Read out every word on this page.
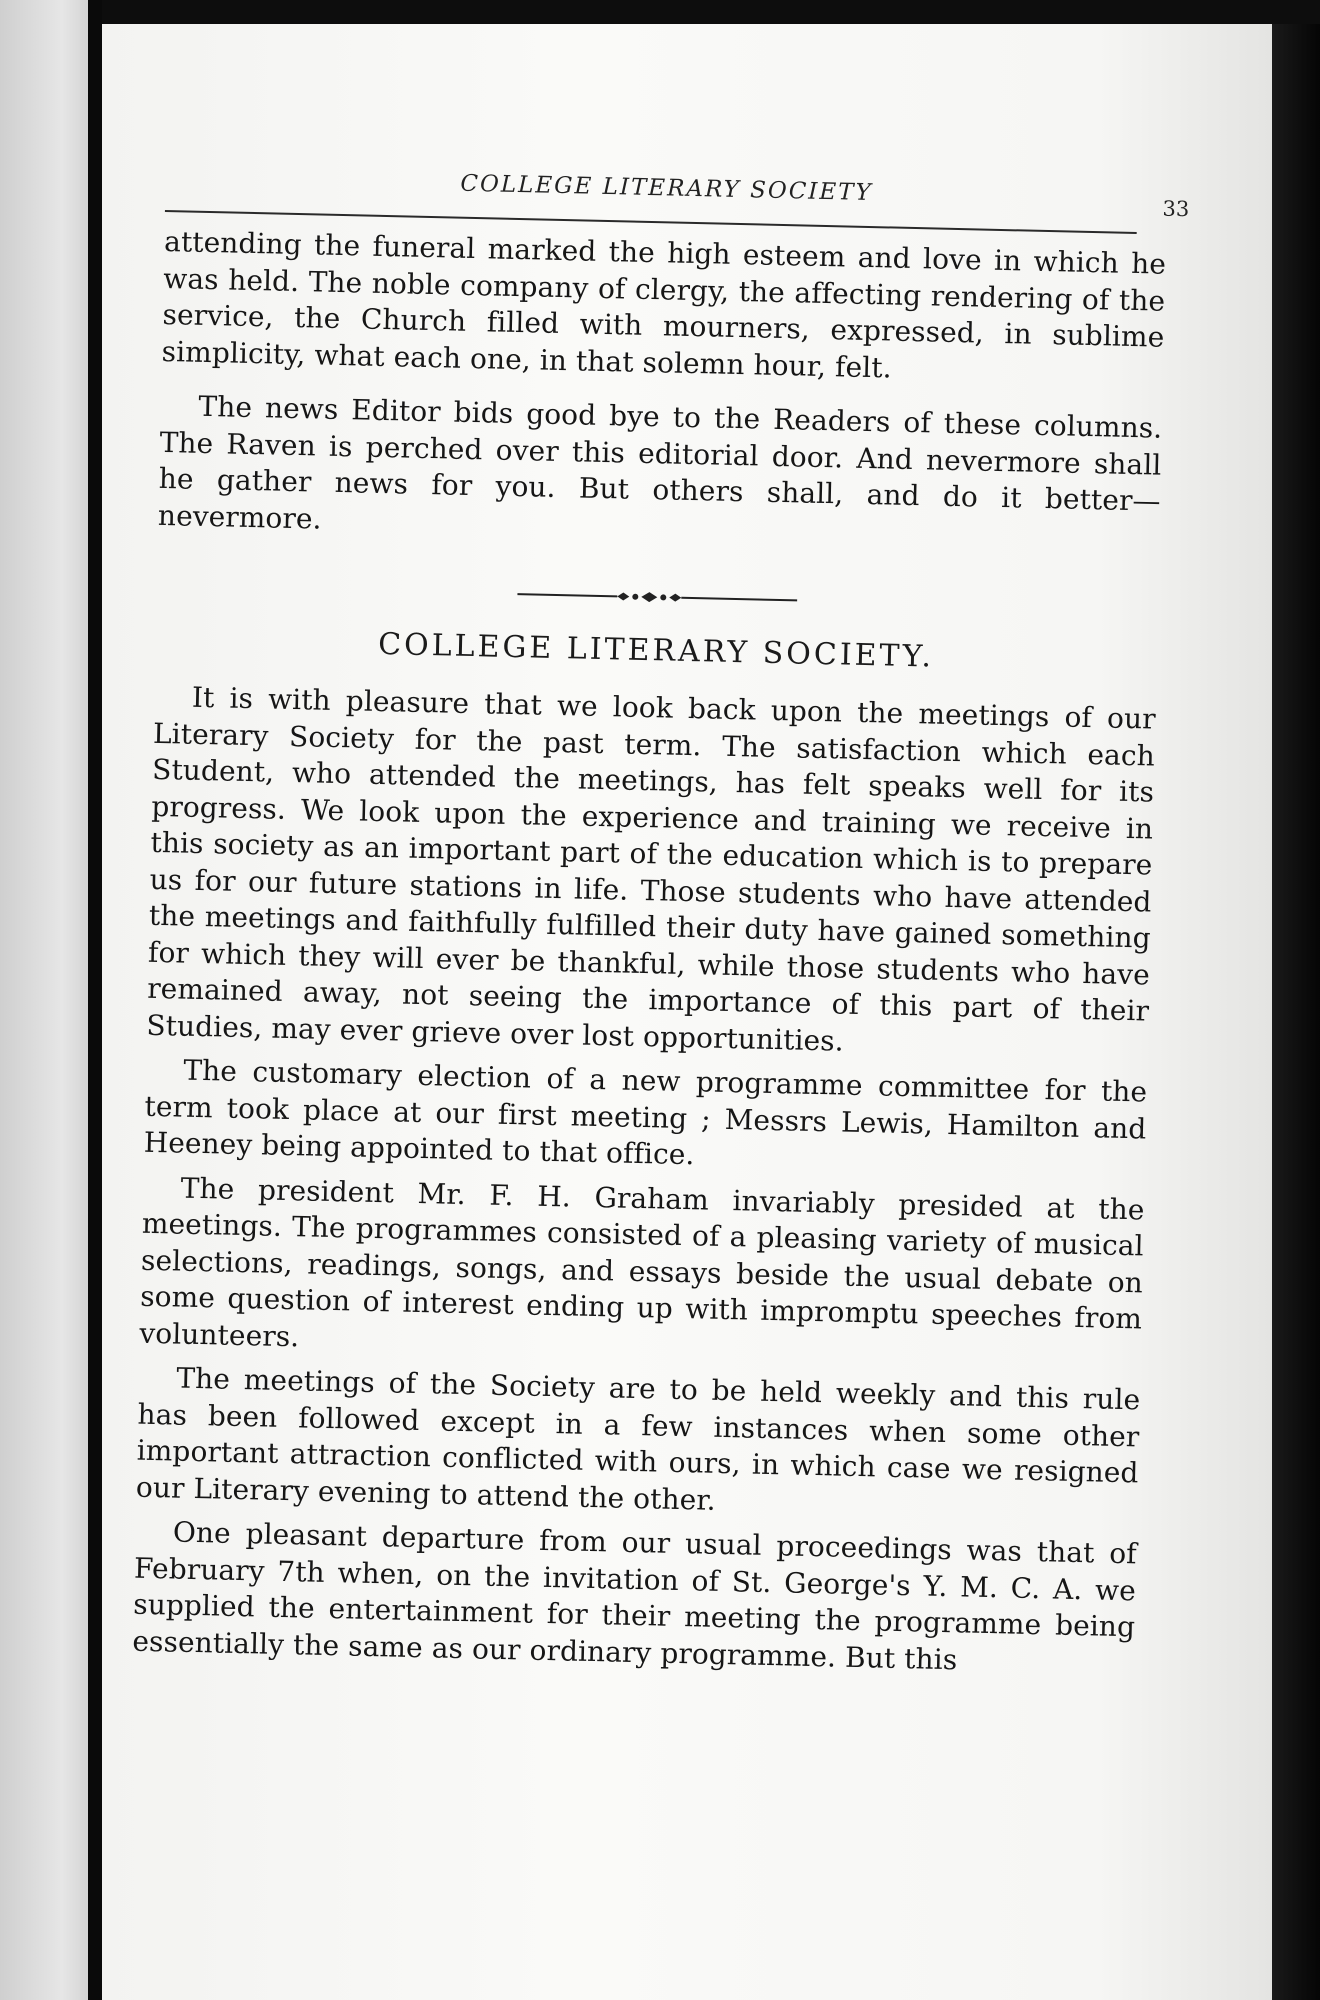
COLLEGE LITERARY SOCIETY
33

attending the funeral marked the high esteem and love in which he was held. The noble company of clergy, the affecting rendering of the service, the Church filled with mourners, expressed, in sublime simplicity, what each one, in that solemn hour, felt.

The news Editor bids good bye to the Readers of these columns. The Raven is perched over this editorial door. And nevermore shall he gather news for you. But others shall, and do it better—nevermore.

COLLEGE LITERARY SOCIETY.

It is with pleasure that we look back upon the meetings of our Literary Society for the past term. The satisfaction which each Student, who attended the meetings, has felt speaks well for its progress. We look upon the experience and training we receive in this society as an important part of the education which is to prepare us for our future stations in life. Those students who have attended the meetings and faithfully fulfilled their duty have gained something for which they will ever be thankful, while those students who have remained away, not seeing the importance of this part of their Studies, may ever grieve over lost opportunities.

The customary election of a new programme committee for the term took place at our first meeting ; Messrs Lewis, Hamilton and Heeney being appointed to that office.

The president Mr. F. H. Graham invariably presided at the meetings. The programmes consisted of a pleasing variety of musical selections, readings, songs, and essays beside the usual debate on some question of interest ending up with impromptu speeches from volunteers.

The meetings of the Society are to be held weekly and this rule has been followed except in a few instances when some other important attraction conflicted with ours, in which case we resigned our Literary evening to attend the other.

One pleasant departure from our usual proceedings was that of February 7th when, on the invitation of St. George's Y. M. C. A. we supplied the entertainment for their meeting the programme being essentially the same as our ordinary programme. But this
